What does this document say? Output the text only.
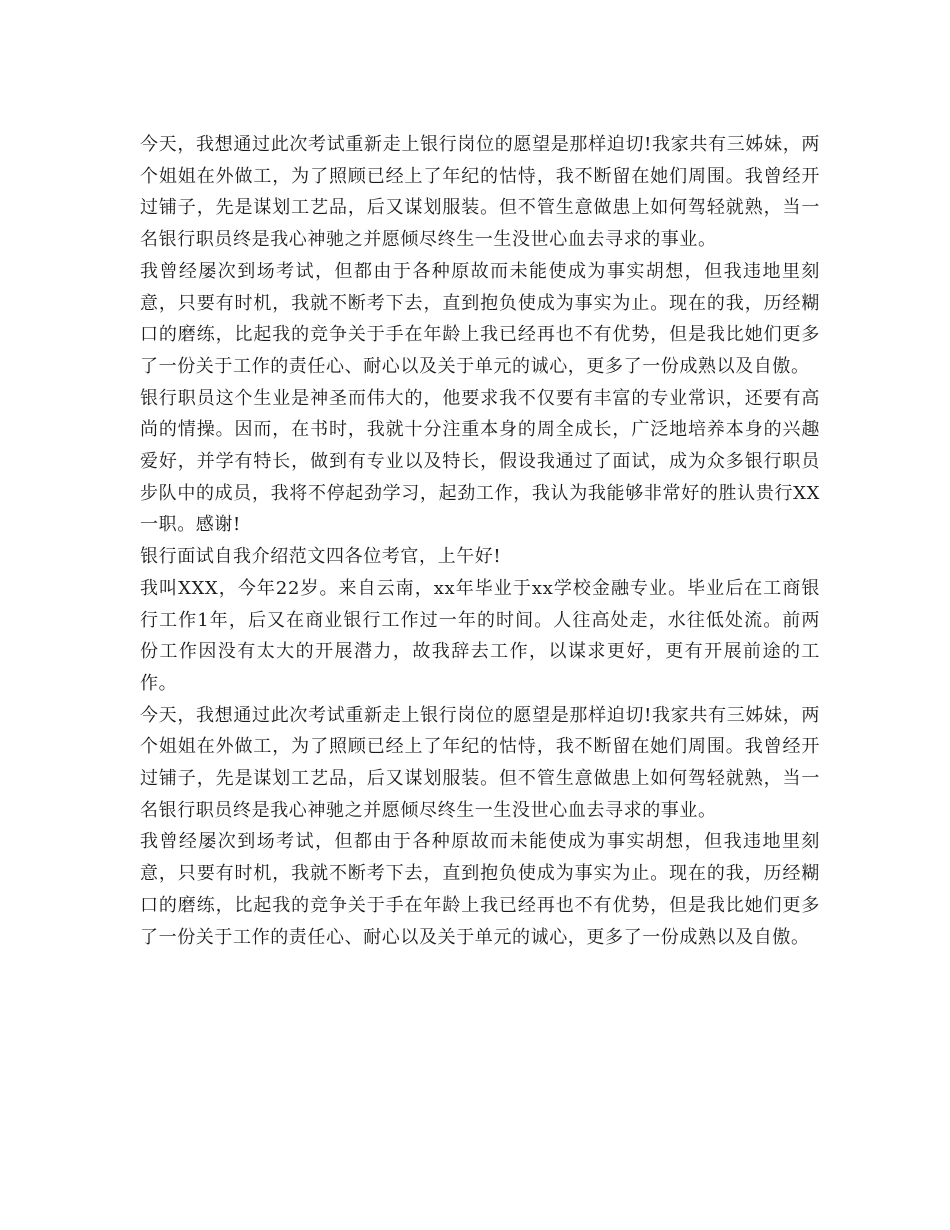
今天，我想通过此次考试重新走上银行岗位的愿望是那样迫切!我家共有三姊妹，两个姐姐在外做工，为了照顾已经上了年纪的怙恃，我不断留在她们周围。我曾经开过铺子，先是谋划工艺品，后又谋划服装。但不管生意做患上如何驾轻就熟，当一名银行职员终是我心神驰之并愿倾尽终生一生没世心血去寻求的事业。

我曾经屡次到场考试，但都由于各种原故而未能使成为事实胡想，但我违地里刻意，只要有时机，我就不断考下去，直到抱负使成为事实为止。现在的我，历经糊口的磨练，比起我的竞争关于手在年龄上我已经再也不有优势，但是我比她们更多了一份关于工作的责任心、耐心以及关于单元的诚心，更多了一份成熟以及自傲。

银行职员这个生业是神圣而伟大的，他要求我不仅要有丰富的专业常识，还要有高尚的情操。因而，在书时，我就十分注重本身的周全成长，广泛地培养本身的兴趣爱好，并学有特长，做到有专业以及特长，假设我通过了面试，成为众多银行职员步队中的成员，我将不停起劲学习，起劲工作，我认为我能够非常好的胜认贵行XX一职。感谢!

银行面试自我介绍范文四各位考官，上午好!

我叫XXX，今年22岁。来自云南，xx年毕业于xx学校金融专业。毕业后在工商银行工作1年，后又在商业银行工作过一年的时间。人往高处走，水往低处流。前两份工作因没有太大的开展潜力，故我辞去工作，以谋求更好，更有开展前途的工作。

今天，我想通过此次考试重新走上银行岗位的愿望是那样迫切!我家共有三姊妹，两个姐姐在外做工，为了照顾已经上了年纪的怙恃，我不断留在她们周围。我曾经开过铺子，先是谋划工艺品，后又谋划服装。但不管生意做患上如何驾轻就熟，当一名银行职员终是我心神驰之并愿倾尽终生一生没世心血去寻求的事业。

我曾经屡次到场考试，但都由于各种原故而未能使成为事实胡想，但我违地里刻意，只要有时机，我就不断考下去，直到抱负使成为事实为止。现在的我，历经糊口的磨练，比起我的竞争关于手在年龄上我已经再也不有优势，但是我比她们更多了一份关于工作的责任心、耐心以及关于单元的诚心，更多了一份成熟以及自傲。
